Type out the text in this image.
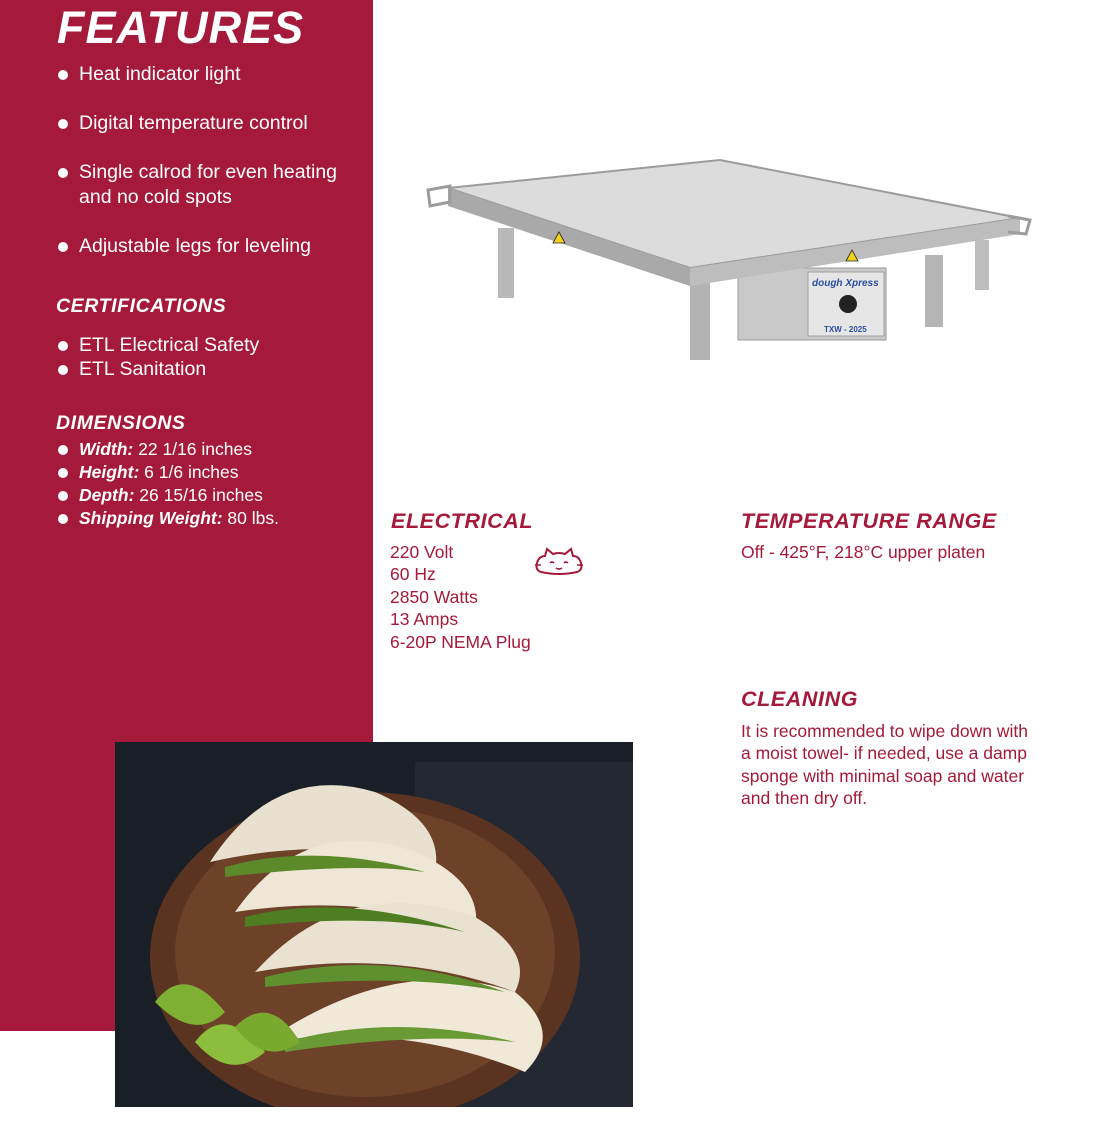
FEATURES
Heat indicator light
Digital temperature control
Single calrod for even heating
and no cold spots
Adjustable legs for leveling
CERTIFICATIONS
ETL Electrical Safety
ETL Sanitation
DIMENSIONS
Width: 22 1/16 inches
Height: 6 1/6 inches
Depth: 26 15/16 inches
Shipping Weight: 80 lbs.
dough Xpress
TXW - 2025
ELECTRICAL
220 Volt
60 Hz
2850 Watts
13 Amps
6-20P NEMA Plug
TEMPERATURE RANGE
Off - 425°F, 218°C upper platen
CLEANING
It is recommended to wipe down with
a moist towel- if needed, use a damp
sponge with minimal soap and water
and then dry off.
